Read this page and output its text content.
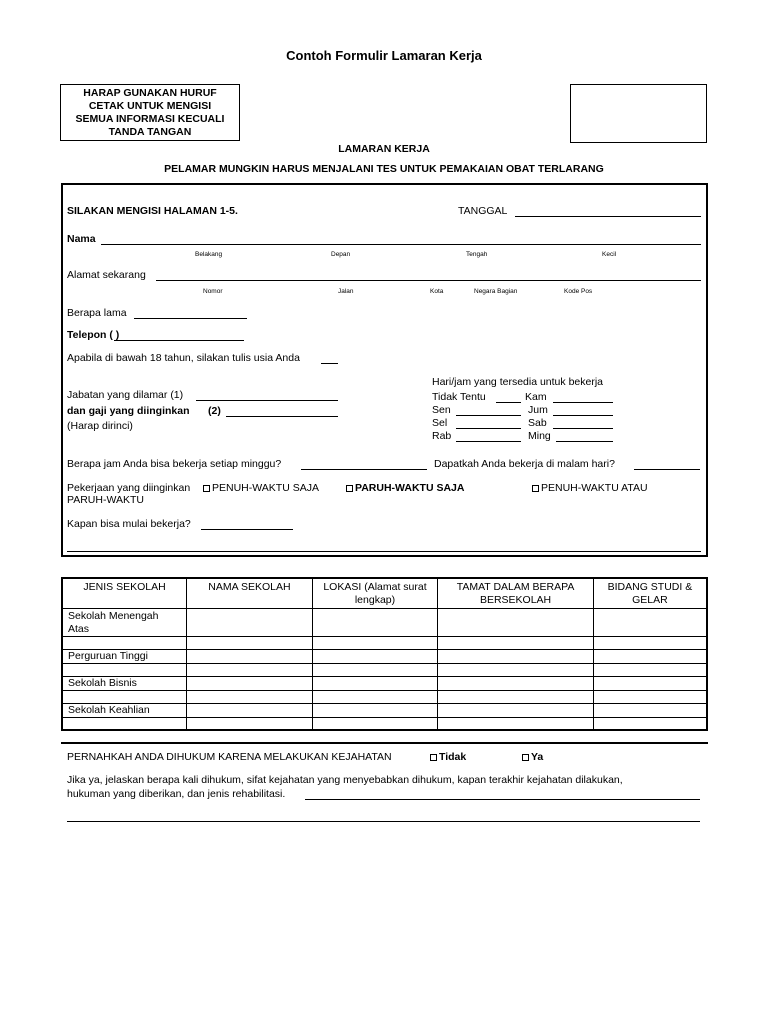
Contoh Formulir Lamaran Kerja
HARAP GUNAKAN HURUF
CETAK UNTUK MENGISI
SEMUA INFORMASI KECUALI
TANDA TANGAN
LAMARAN KERJA
PELAMAR MUNGKIN HARUS MENJALANI TES UNTUK PEMAKAIAN OBAT TERLARANG
SILAKAN MENGISI HALAMAN 1-5.	TANGGAL
Nama
Belakang	Depan	Tengah	Kecil
Alamat sekarang
Nomor	Jalan	Kota	Negara Bagian	Kode Pos
Berapa lama
Telepon ( )
Apabila di bawah 18 tahun, silakan tulis usia Anda
Jabatan yang dilamar (1)
dan gaji yang diinginkan (2)
(Harap dirinci)
Hari/jam yang tersedia untuk bekerja
Tidak Tentu	Kam
Sen	Jum
Sel	Sab
Rab	Ming
Berapa jam Anda bisa bekerja setiap minggu?	Dapatkah Anda bekerja di malam hari?
Pekerjaan yang diinginkan	PENUH-WAKTU SAJA	PARUH-WAKTU SAJA	PENUH-WAKTU ATAU
PARUH-WAKTU
Kapan bisa mulai bekerja?
JENIS SEKOLAH	NAMA SEKOLAH	LOKASI (Alamat surat lengkap)	TAMAT DALAM BERAPA BERSEKOLAH	BIDANG STUDI & GELAR
Sekolah Menengah Atas				

Perguruan Tinggi				

Sekolah Bisnis				

Sekolah Keahlian				

PERNAHKAH ANDA DIHUKUM KARENA MELAKUKAN KEJAHATAN	Tidak	Ya
Jika ya, jelaskan berapa kali dihukum, sifat kejahatan yang menyebabkan dihukum, kapan terakhir kejahatan dilakukan,
hukuman yang diberikan, dan jenis rehabilitasi.
